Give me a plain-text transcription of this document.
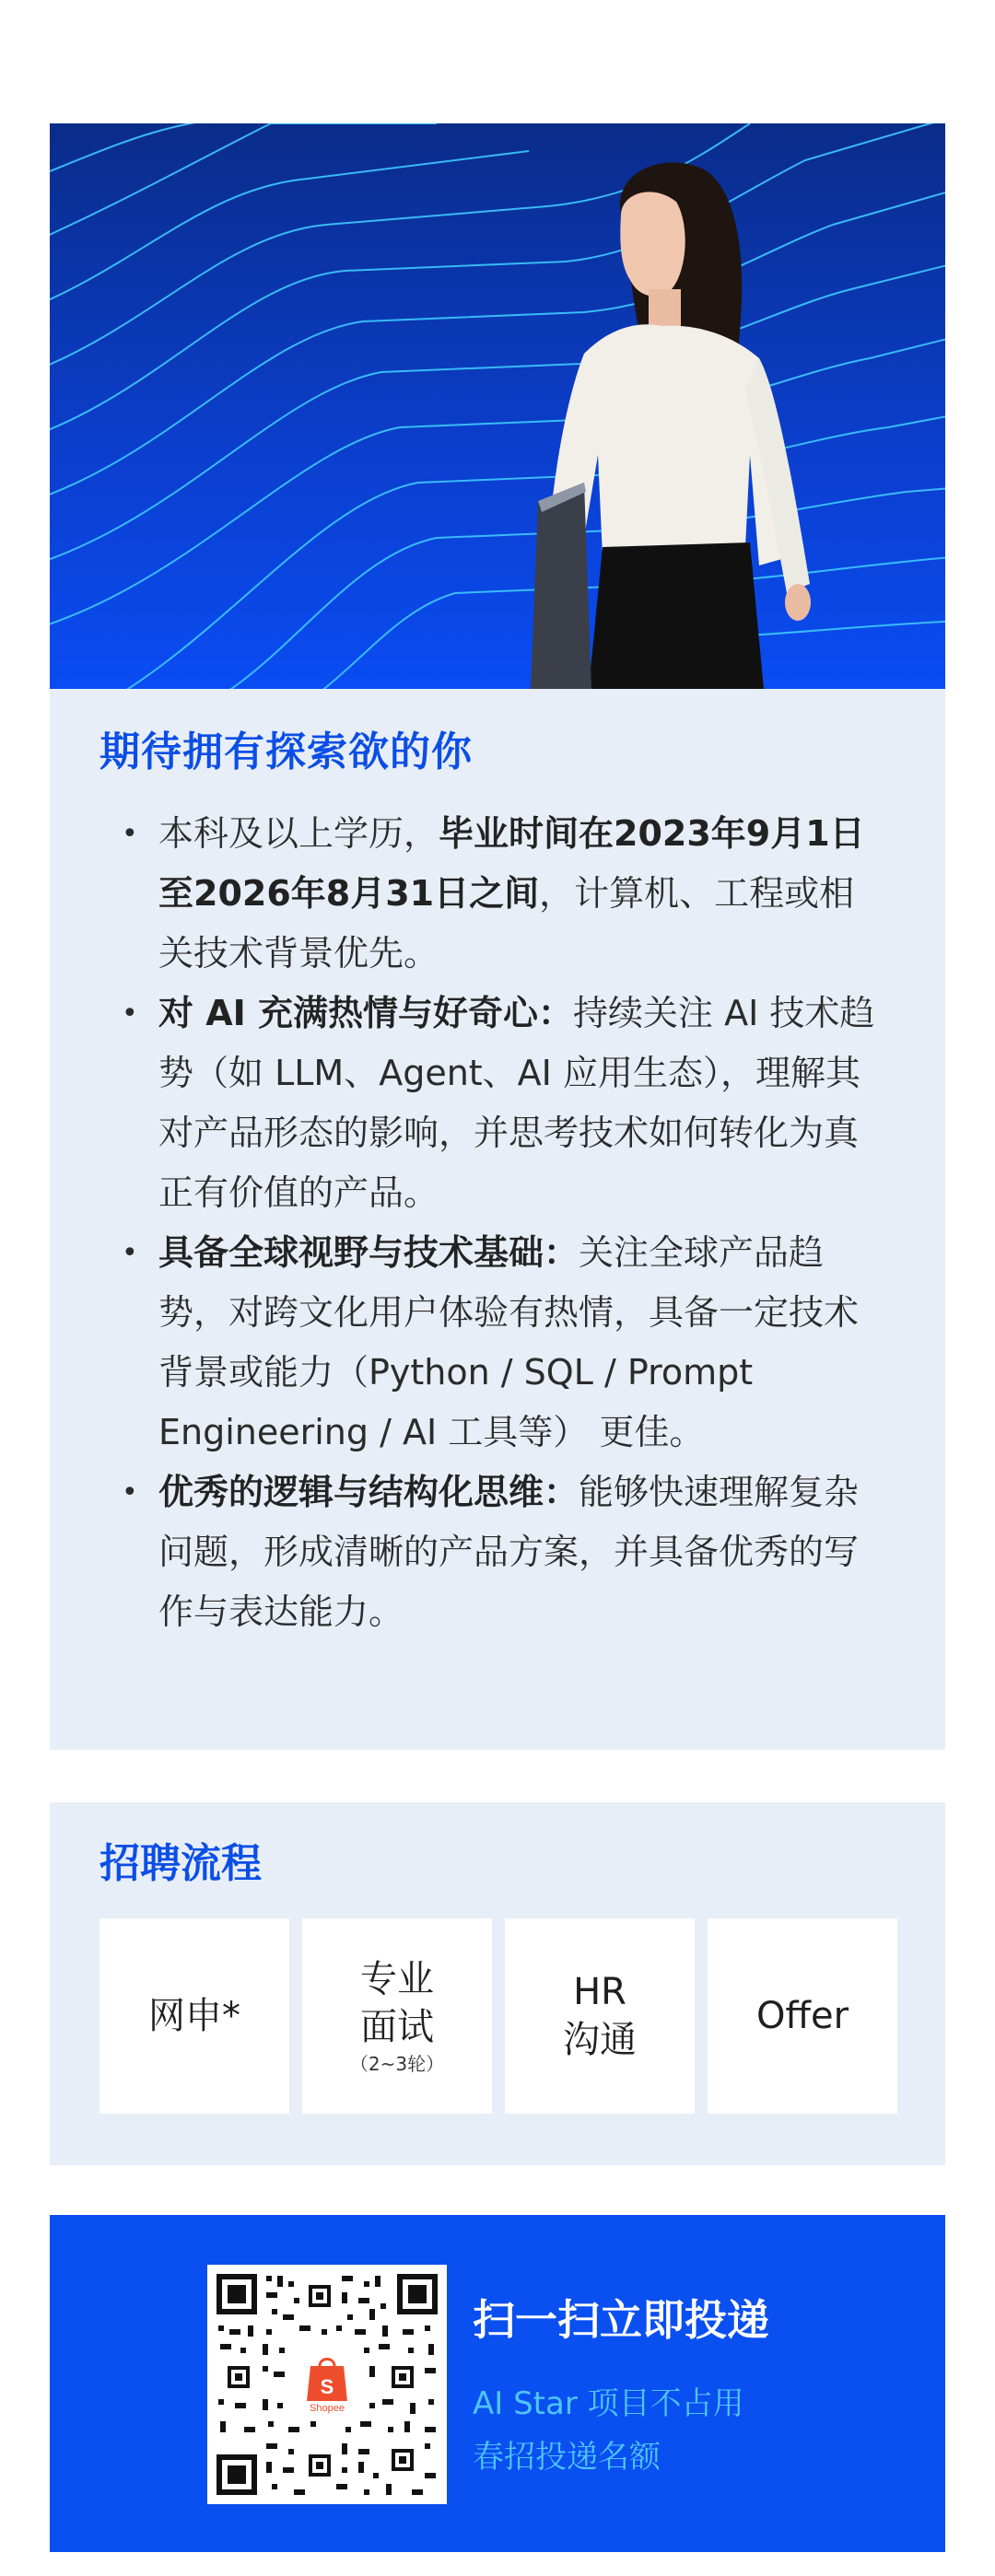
期待拥有探索欲的你
• 本科及以上学历，毕业时间在2023年9月1日至2026年8月31日之间，计算机、工程或相关技术背景优先。
• 对 AI 充满热情与好奇心：持续关注 AI 技术趋势（如 LLM、Agent、AI 应用生态），理解其对产品形态的影响，并思考技术如何转化为真正有价值的产品。
• 具备全球视野与技术基础：关注全球产品趋势，对跨文化用户体验有热情，具备一定技术背景或能力（Python / SQL / Prompt Engineering / AI 工具等） 更佳。
• 优秀的逻辑与结构化思维：能够快速理解复杂问题，形成清晰的产品方案，并具备优秀的写作与表达能力。
招聘流程
网申*
专业
面试
（2~3轮）
HR
沟通
Offer
S
Shopee
扫一扫立即投递
AI Star 项目不占用
春招投递名额
